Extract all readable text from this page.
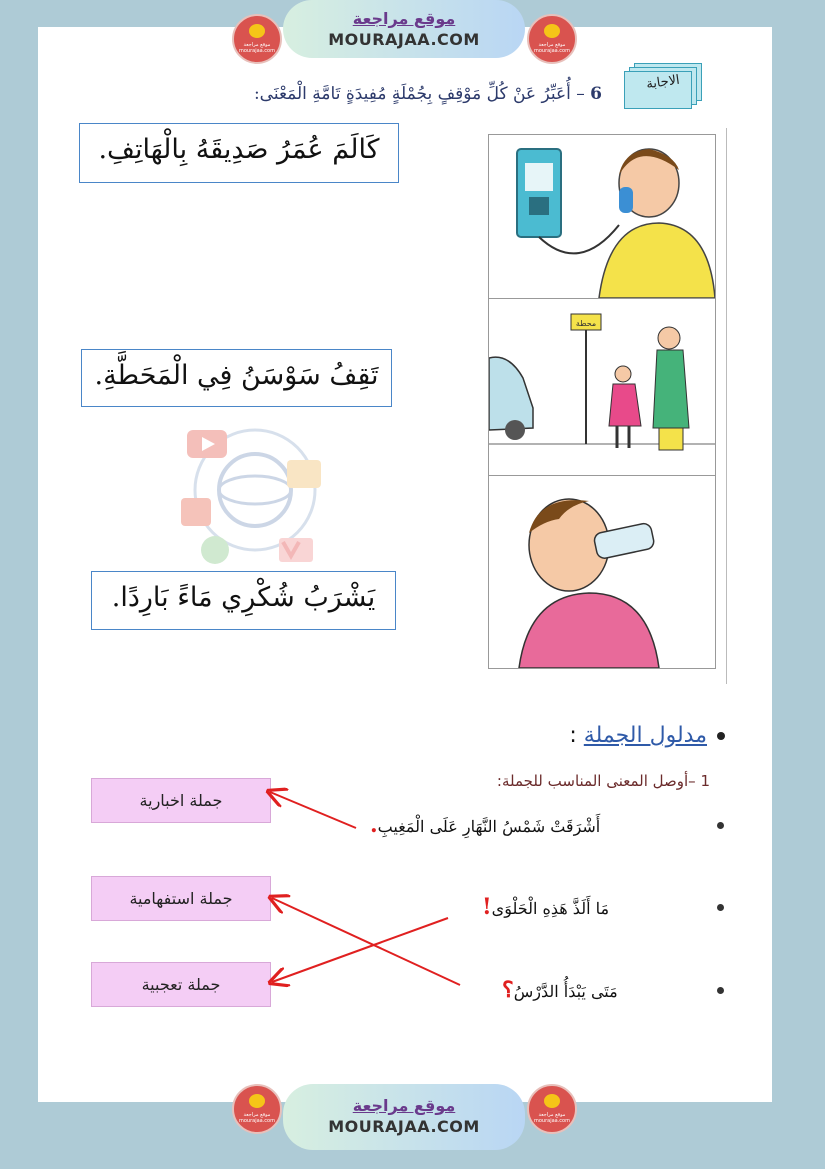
موقع مراجعة mourajaa.com
موقع مراجعة
MOURAJAA.COM	موقع مراجعة mourajaa.com
الاجابة
6 – أُعَبِّرُ عَنْ كُلِّ مَوْقِفٍ بِجُمْلَةٍ مُفِيدَةٍ تَامَّةِ الْمَعْنَى:
كَالَمَ عُمَرُ صَدِيقَهُ بِالْهَاتِفِ.
تَقِفُ سَوْسَنُ فِي الْمَحَطَّةِ.
يَشْرَبُ شُكْرِي مَاءً بَارِدًا.
محطة
مدلول الجملة :
1 –أوصل المعنى المناسب للجملة:
جملة اخبارية
جملة استفهامية
جملة تعجبية
أَشْرَقَتْ شَمْسُ النَّهَارِ عَلَى الْمَغِيبِ.
مَا أَلَذَّ هَذِهِ الْحَلْوَى!
مَتَى يَبْدَأُ الدَّرْسُ؟
موقع مراجعة mourajaa.com
موقع مراجعة
MOURAJAA.COM
موقع مراجعة mourajaa.com
